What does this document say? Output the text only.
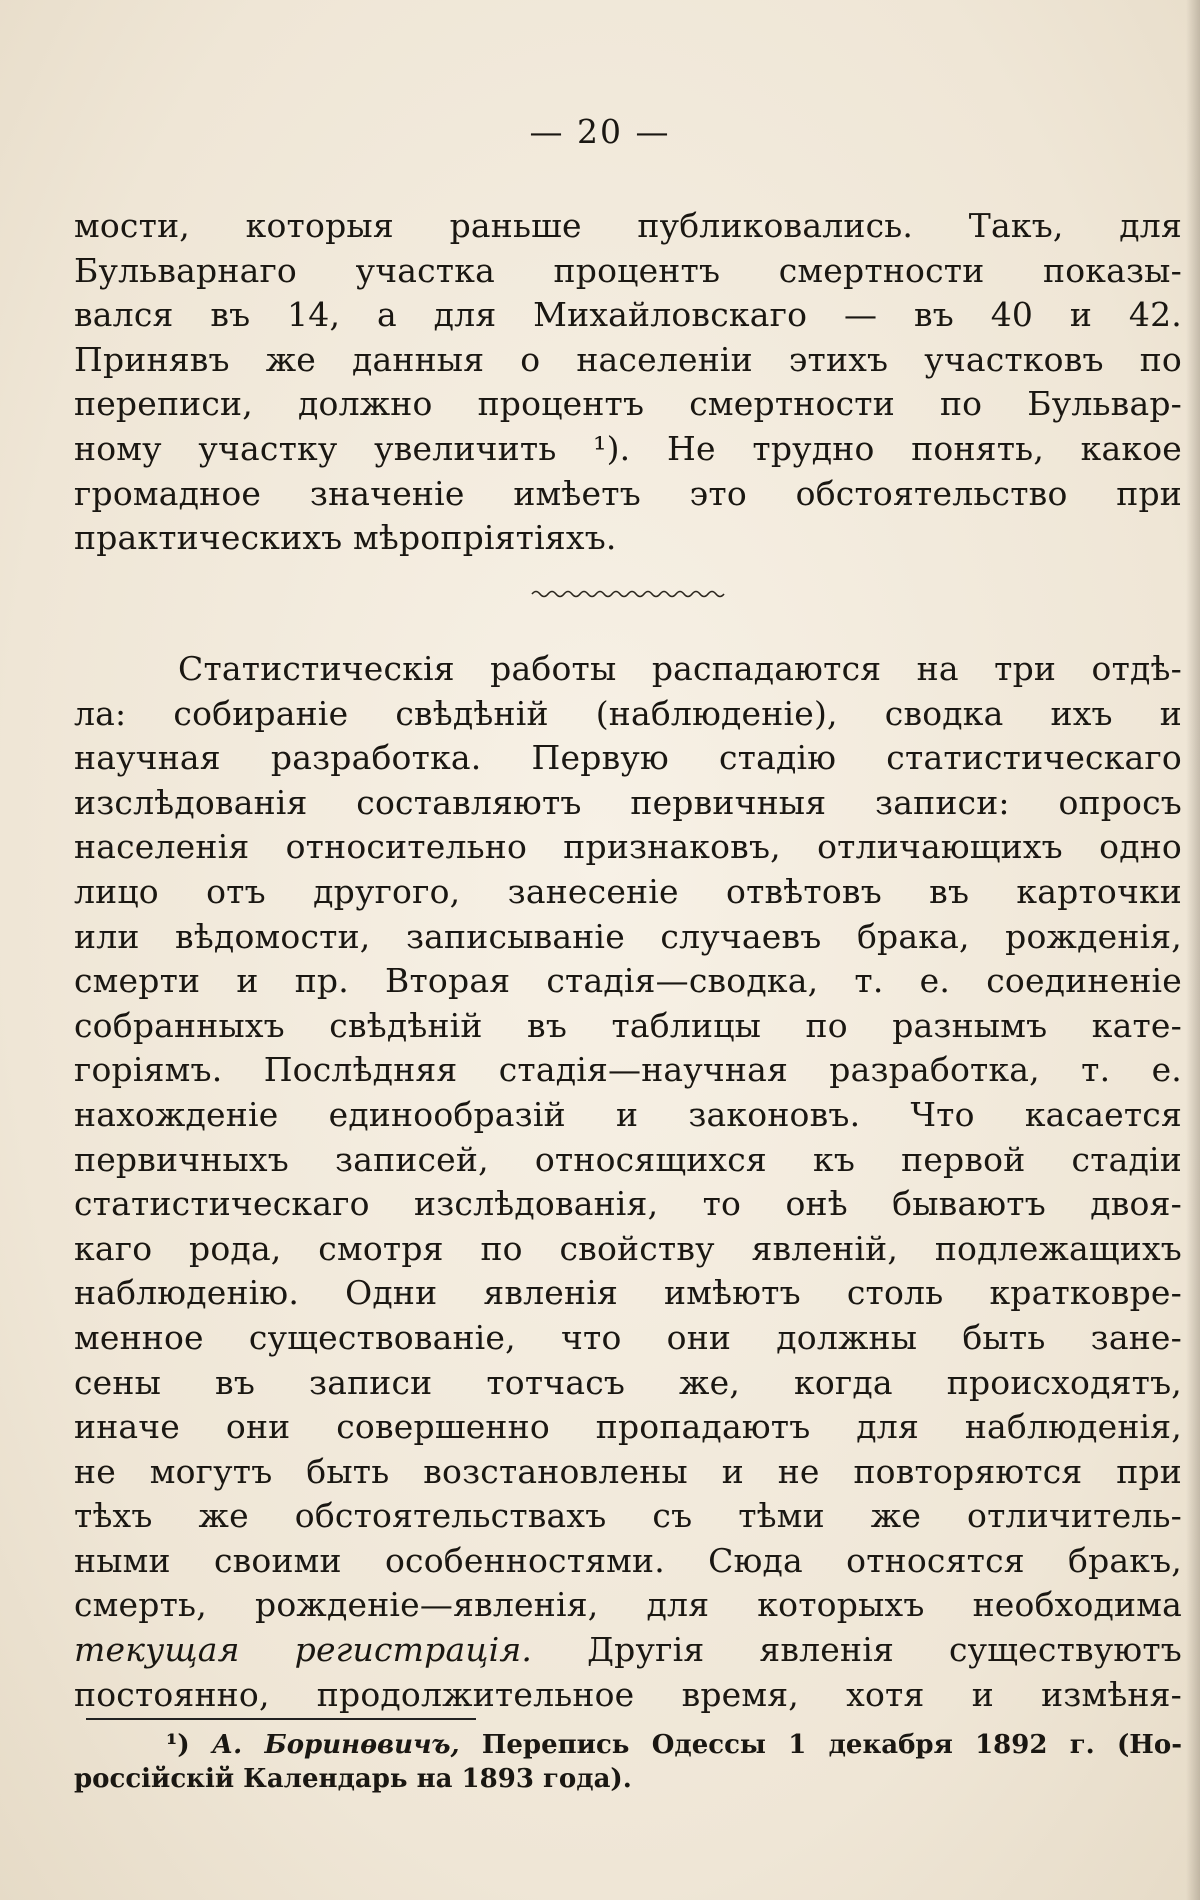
— 20 —
мости, которыя раньше публиковались. Такъ, для
Бульварнаго участка процентъ смертности показы-
вался въ 14, а для Михайловскаго — въ 40 и 42.
Принявъ же данныя о населеніи этихъ участковъ по
переписи, должно процентъ смертности по Бульвар-
ному участку увеличить ¹). Не трудно понять, какое
громадное значеніе имѣетъ это обстоятельство при
практическихъ мѣропріятіяхъ.
Статистическія работы распадаются на три отдѣ-
ла: собираніе свѣдѣній (наблюденіе), сводка ихъ и
научная разработка. Первую стадію статистическаго
изслѣдованія составляютъ первичныя записи: опросъ
населенія относительно признаковъ, отличающихъ одно
лицо отъ другого, занесеніе отвѣтовъ въ карточки
или вѣдомости, записываніе случаевъ брака, рожденія,
смерти и пр. Вторая стадія—сводка, т. е. соединеніе
собранныхъ свѣдѣній въ таблицы по разнымъ кате-
горіямъ. Послѣдняя стадія—научная разработка, т. е.
нахожденіе единообразій и законовъ. Что касается
первичныхъ записей, относящихся къ первой стадіи
статистическаго изслѣдованія, то онѣ бываютъ двоя-
каго рода, смотря по свойству явленій, подлежащихъ
наблюденію. Одни явленія имѣютъ столь кратковре-
менное существованіе, что они должны быть зане-
сены въ записи тотчасъ же, когда происходятъ,
иначе они совершенно пропадаютъ для наблюденія,
не могутъ быть возстановлены и не повторяются при
тѣхъ же обстоятельствахъ съ тѣми же отличитель-
ными своими особенностями. Сюда относятся бракъ,
смерть, рожденіе—явленія, для которыхъ необходима
текущая регистрація. Другія явленія существуютъ
постоянно, продолжительное время, хотя и измѣня-
¹) А. Боринѳвичъ, Перепись Одессы 1 декабря 1892 г. (Но-
россійскій Календарь на 1893 года).
